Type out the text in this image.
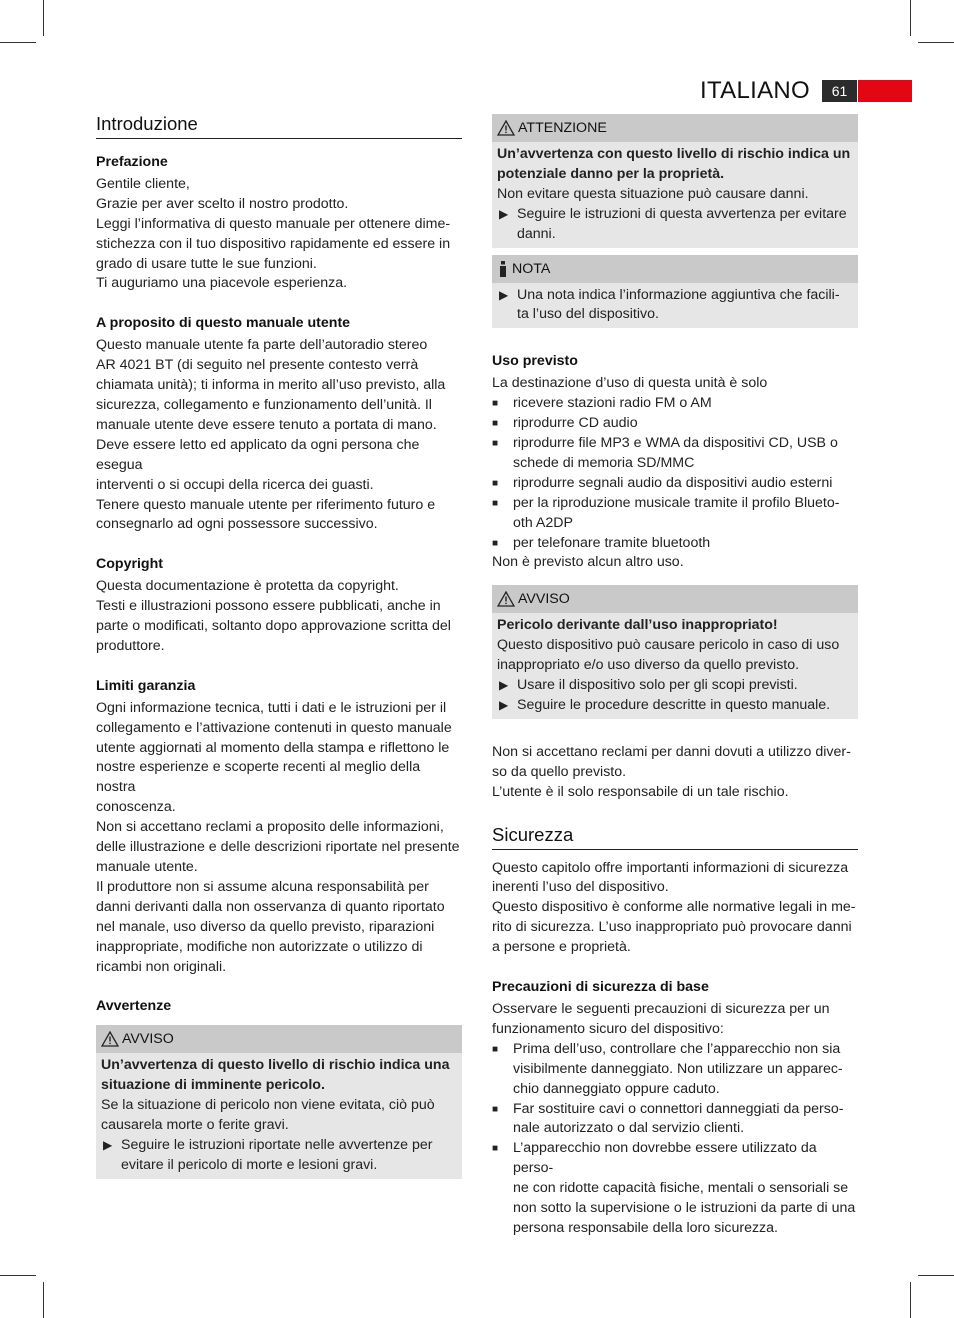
ITALIANO	61
Introduzione
Prefazione

Gentile cliente,

Grazie per aver scelto il nostro prodotto.

Leggi l’informativa di questo manuale per ottenere dime-

stichezza con il tuo dispositivo rapidamente ed essere in

grado di usare tutte le sue funzioni.

Ti auguriamo una piacevole esperienza.

A proposito di questo manuale utente

Questo manuale utente fa parte dell’autoradio stereo

AR 4021 BT (di seguito nel presente contesto verrà

chiamata unità); ti informa in merito all’uso previsto, alla

sicurezza, collegamento e funzionamento dell’unità. Il

manuale utente deve essere tenuto a portata di mano.

Deve essere letto ed applicato da ogni persona che esegua

interventi o si occupi della ricerca dei guasti.

Tenere questo manuale utente per riferimento futuro e

consegnarlo ad ogni possessore successivo.

Copyright

Questa documentazione è protetta da copyright.

Testi e illustrazioni possono essere pubblicati, anche in

parte o modificati, soltanto dopo approvazione scritta del

produttore.

Limiti garanzia

Ogni informazione tecnica, tutti i dati e le istruzioni per il

collegamento e l’attivazione contenuti in questo manuale

utente aggiornati al momento della stampa e riflettono le

nostre esperienze e scoperte recenti al meglio della nostra

conoscenza.

Non si accettano reclami a proposito delle informazioni,

delle illustrazione e delle descrizioni riportate nel presente

manuale utente.

Il produttore non si assume alcuna responsabilità per

danni derivanti dalla non osservanza di quanto riportato

nel manale, uso diverso da quello previsto, riparazioni

inappropriate, modifiche non autorizzate o utilizzo di

ricambi non originali.

Avvertenze
AVVISO

Un’avvertenza di questo livello di rischio indica una

situazione di imminente pericolo.

Se la situazione di pericolo non viene evitata, ciò può

causarela morte o ferite gravi.

▶ Seguire le istruzioni riportate nelle avvertenze per

evitare il pericolo di morte e lesioni gravi.

ATTENZIONE

Un’avvertenza con questo livello di rischio indica un

potenziale danno per la proprietà.

Non evitare questa situazione può causare danni.

▶ Seguire le istruzioni di questa avvertenza per evitare

danni.

NOTA
▶ Una nota indica l’informazione aggiuntiva che facili-

ta l’uso del dispositivo.

Uso previsto

La destinazione d’uso di questa unità è solo

■	ricevere stazioni radio FM o AM

■	riprodurre CD audio

■	riprodurre file MP3 e WMA da dispositivi CD, USB o

schede di memoria SD/MMC

■	riprodurre segnali audio da dispositivi audio esterni

■	per la riproduzione musicale tramite il profilo Blueto-

oth A2DP

■	per telefonare tramite bluetooth

Non è previsto alcun altro uso.

AVVISO

Pericolo derivante dall’uso inappropriato!

Questo dispositivo può causare pericolo in caso di uso

inappropriato e/o uso diverso da quello previsto.

▶ Usare il dispositivo solo per gli scopi previsti.

▶ Seguire le procedure descritte in questo manuale.

Non si accettano reclami per danni dovuti a utilizzo diver-

so da quello previsto.

L’utente è il solo responsabile di un tale rischio.

Sicurezza

Questo capitolo offre importanti informazioni di sicurezza

inerenti l’uso del dispositivo.

Questo dispositivo è conforme alle normative legali in me-

rito di sicurezza. L’uso inappropriato può provocare danni

a persone e proprietà.

Precauzioni di sicurezza di base

Osservare le seguenti precauzioni di sicurezza per un

funzionamento sicuro del dispositivo:

■	Prima dell’uso, controllare che l’apparecchio non sia

visibilmente danneggiato. Non utilizzare un apparec-

chio danneggiato oppure caduto.

■	Far sostituire cavi o connettori danneggiati da perso-

nale autorizzato o dal servizio clienti.

■	L’apparecchio non dovrebbe essere utilizzato da perso-

ne con ridotte capacità fisiche, mentali o sensoriali se

non sotto la supervisione o le istruzioni da parte di una

persona responsabile della loro sicurezza.
